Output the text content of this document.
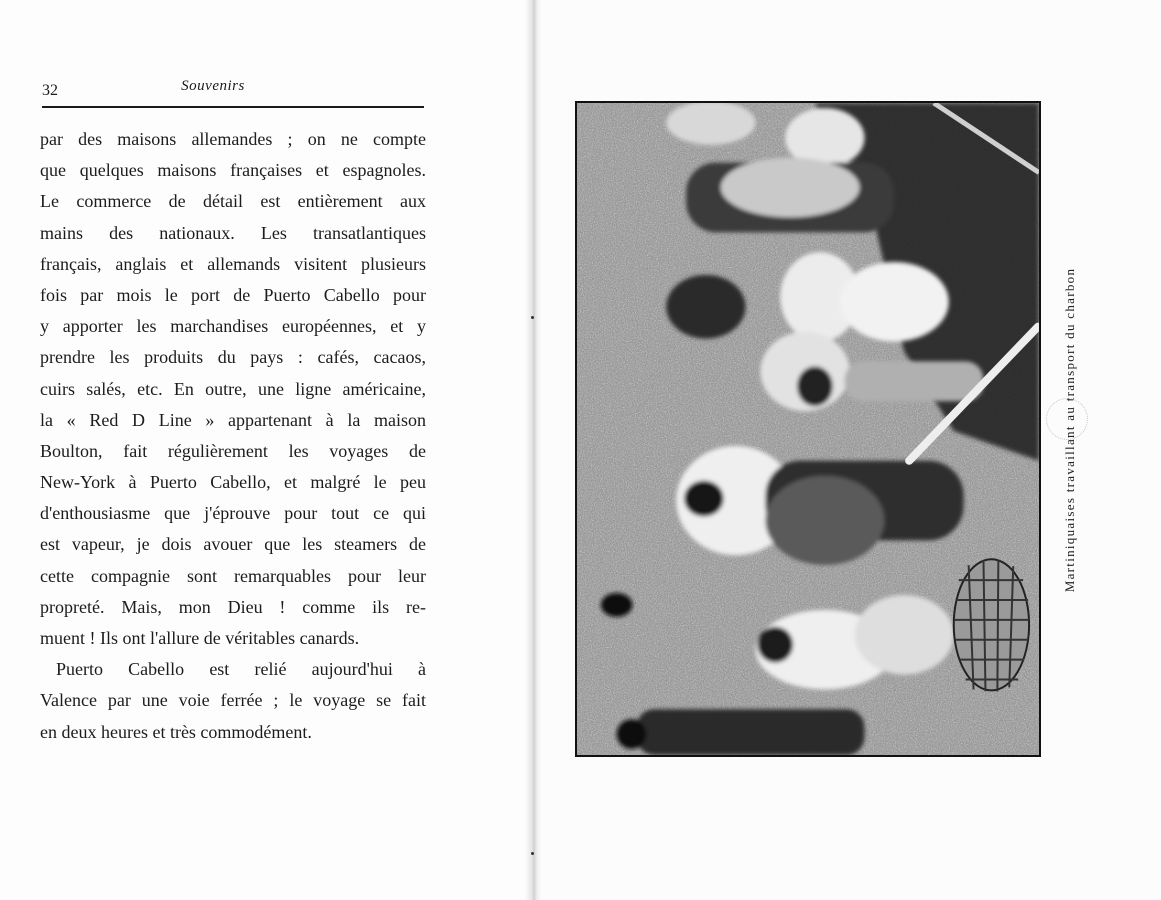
32	Souvenirs
par des maisons allemandes ; on ne compte
que quelques maisons françaises et espagnoles.
Le commerce de détail est entièrement aux
mains des nationaux. Les transatlantiques
français, anglais et allemands visitent plusieurs
fois par mois le port de Puerto Cabello pour
y apporter les marchandises européennes, et y
prendre les produits du pays : cafés, cacaos,
cuirs salés, etc. En outre, une ligne américaine,
la « Red D Line » appartenant à la maison
Boulton, fait régulièrement les voyages de
New-York à Puerto Cabello, et malgré le peu
d'enthousiasme que j'éprouve pour tout ce qui
est vapeur, je dois avouer que les steamers de
cette compagnie sont remarquables pour leur
propreté. Mais, mon Dieu ! comme ils re-
muent ! Ils ont l'allure de véritables canards.
Puerto Cabello est relié aujourd'hui à
Valence par une voie ferrée ; le voyage se fait
en deux heures et très commodément.
Martiniquaises travaillant au transport du charbon
